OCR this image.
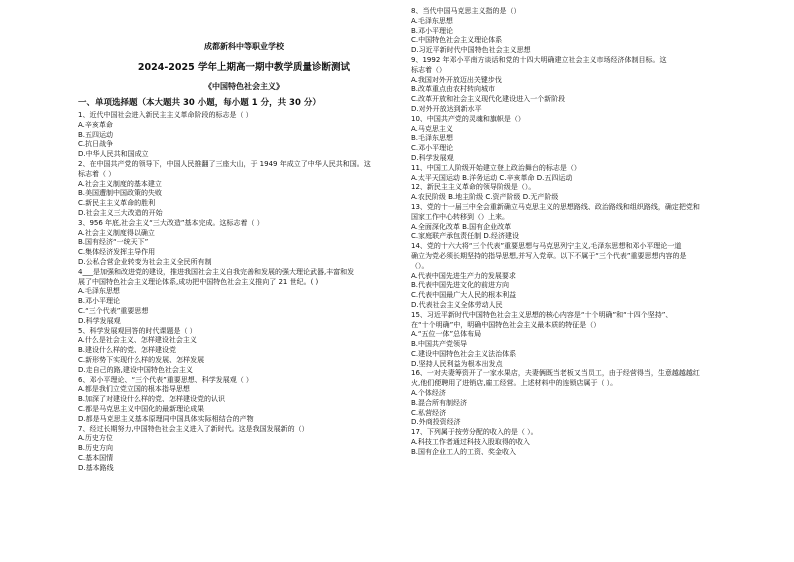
成都新科中等职业学校
2024-2025 学年上期高一期中教学质量诊断测试
《中国特色社会主义》
一、单项选择题（本大题共 30 小题，每小题 1 分，共 30 分）
1、近代中国社会进入新民主主义革命阶段的标志是（ ）
A.辛亥革命
B.五四运动
C.抗日战争
D.中华人民共和国成立
2、在中国共产党的领导下，中国人民推翻了三座大山，于 1949 年成立了中华人民共和国。这
标志着（ ）
A.社会主义制度的基本建立
B.美国遭制中国政策的失败
C.新民主主义革命的胜利
D.社会主义三大改造的开始
3、956 年底,社会主义“三大改造”基本完成。这标志着（ ）
A.社会主义制度得以确立
B.国有经济“一统天下”
C.集体经济发挥主导作用
D.公私合营企业转变为社会主义全民所有制
4___是加强和改进党的建设，推进我国社会主义自我完善和发展的强大理论武器,丰富和发
展了中国特色社会主义理论体系,成功把中国特色社会主义推向了 21 世纪。( )
A.毛泽东思想
B.邓小平理论
C.“三个代表”重要思想
D.科学发展观
5、科学发展观回答的时代课题是（ ）
A.什么是社会主义、怎样建设社会主义
B.建设什么样的党、怎样建设党
C.新形势下实现什么样的发展、怎样发展
D.走自己的路,建设中国特色社会主义
6、邓小平理论、“三个代表”重要思想、科学发展观（ ）
A.都是我们立党立国的根本指导思想
B.加深了对建设什么样的党、怎样建设党的认识
C.都是马克思主义中国化的最新理论成果
D.都是马克思主义基本原理同中国具体实际相结合的产物
7、经过长期努力,中国特色社会主义进入了新时代。这是我国发展新的（）
A.历史方位
B.历史方向
C.基本国情
D.基本路线
8、当代中国马克思主义指的是（）
A.毛泽东思想
B.邓小平理论
C.中国特色社会主义理论体系
D.习近平新时代中国特色社会主义思想
9、1992 年邓小平南方谈话和党的十四大明确建立社会主义市场经济体制目标。这
标志着（）
A.我国对外开放迈出关键步伐
B.改革重点由农村转向城市
C.改革开放和社会主义现代化建设进入一个新阶段
D.对外开放达到新水平
10、中国共产党的灵魂和旗帜是（）
A.马克思主义
B.毛泽东思想
C.邓小平理论
D.科学发展观
11、中国工人阶级开始建立登上政治舞台的标志是（）
A.太平天国运动 B.洋务运动 C.辛亥革命 D.五四运动
12、新民主主义革命的领导阶级是（）。
A.农民阶级 B.地主阶级 C.资产阶级 D.无产阶级
13、党的十一届三中全会重新确立马克思主义的思想路线、政治路线和组织路线，确定把党和
国家工作中心转移到（）上来。
A.全面深化改革 B.国有企业改革
C.家庭联产承包责任制 D.经济建设
14、党的十六大将“三个代表”重要思想与马克思列宁主义,毛泽东思想和邓小平理论一道
确立为党必须长期坚持的指导思想,并写入党章。以下不属于“三个代表”重要思想内容的是
（）。
A.代表中国先进生产力的发展要求
B.代表中国先进文化的前进方向
C.代表中国最广大人民的根本利益
D.代表社会主义全体劳动人民
15、习近平新时代中国特色社会主义思想的核心内容是“十个明确”和“十四个坚持”、
在“十个明确”中，明确中国特色社会主义最本质的特征是（）
A.“五位一体”总体布局
B.中国共产党领导
C.建设中国特色社会主义法治体系
D.坚持人民利益为根本出发点
16、一对夫妻筹资开了一家水果店，夫妻俩既当老板又当员工，由于经营得当，生意越越越红
火,他们便聘用了进销店,雇工经营。上述材料中的连锁店属于（ ）。
A.个体经济
B.混合所有制经济
C.私营经济
D.外商投资经济
17、下列属于按劳分配的收入的是（ ）。
A.科技工作者通过科技入股取得的收入
B.国有企业工人的工资、奖金收入
